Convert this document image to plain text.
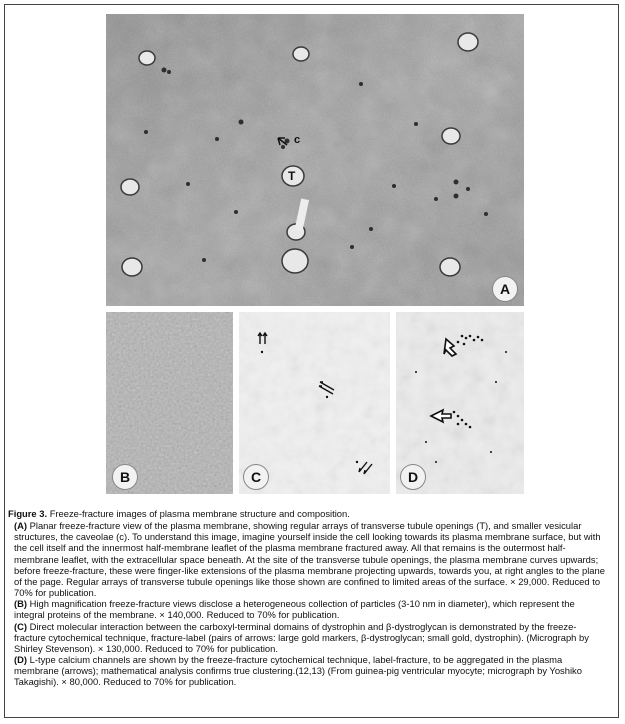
c
T
A
B	C	D

Figure 3. Freeze-fracture images of plasma membrane structure and composition.

(A) Planar freeze-fracture view of the plasma membrane, showing regular arrays of transverse tubule openings (T), and smaller vesicular structures, the caveolae (c). To understand this image, imagine yourself inside the cell looking towards its plasma membrane surface, but with the cell itself and the innermost half-membrane leaflet of the plasma membrane fractured away. All that remains is the outermost half-membrane leaflet, with the extracellular space beneath. At the site of the transverse tubule openings, the plasma membrane curves upwards; before freeze-fracture, these were finger-like extensions of the plasma membrane projecting upwards, towards you, at right angles to the plane of the page. Regular arrays of transverse tubule openings like those shown are confined to limited areas of the surface. × 29,000. Reduced to 70% for publication.

(B) High magnification freeze-fracture views disclose a heterogeneous collection of particles (3-10 nm in diameter), which represent the integral proteins of the membrane. × 140,000. Reduced to 70% for publication.

(C) Direct molecular interaction between the carboxyl-terminal domains of dystrophin and β-dystroglycan is demonstrated by the freeze-fracture cytochemical technique, fracture-label (pairs of arrows: large gold markers, β-dystroglycan; small gold, dystrophin). (Micrograph by Shirley Stevenson). × 130,000. Reduced to 70% for publication.

(D) L-type calcium channels are shown by the freeze-fracture cytochemical technique, label-fracture, to be aggregated in the plasma membrane (arrows); mathematical analysis confirms true clustering.(12,13) (From guinea-pig ventricular myocyte; micrograph by Yoshiko Takagishi). × 80,000. Reduced to 70% for publication.
